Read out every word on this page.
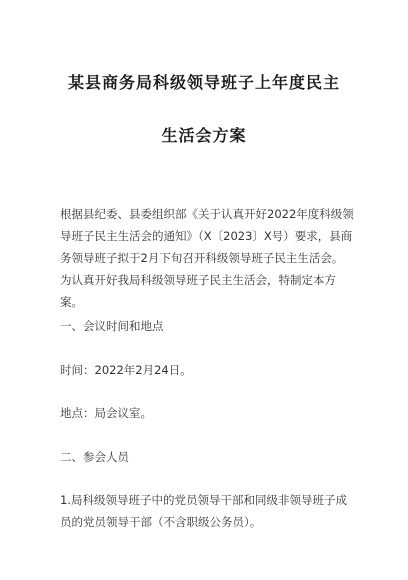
某县商务局科级领导班子上年度民主
生活会方案

根据县纪委、县委组织部《关于认真开好2022年度科级领导班子民主生活会的通知》（X〔2023〕X号）要求，县商务领导班子拟于2月下旬召开科级领导班子民主生活会。为认真开好我局科级领导班子民主生活会，特制定本方案。

一、会议时间和地点

时间：2022年2月24日。

地点：局会议室。

二、参会人员

1.局科级领导班子中的党员领导干部和同级非领导班子成员的党员领导干部（不含职级公务员）。
